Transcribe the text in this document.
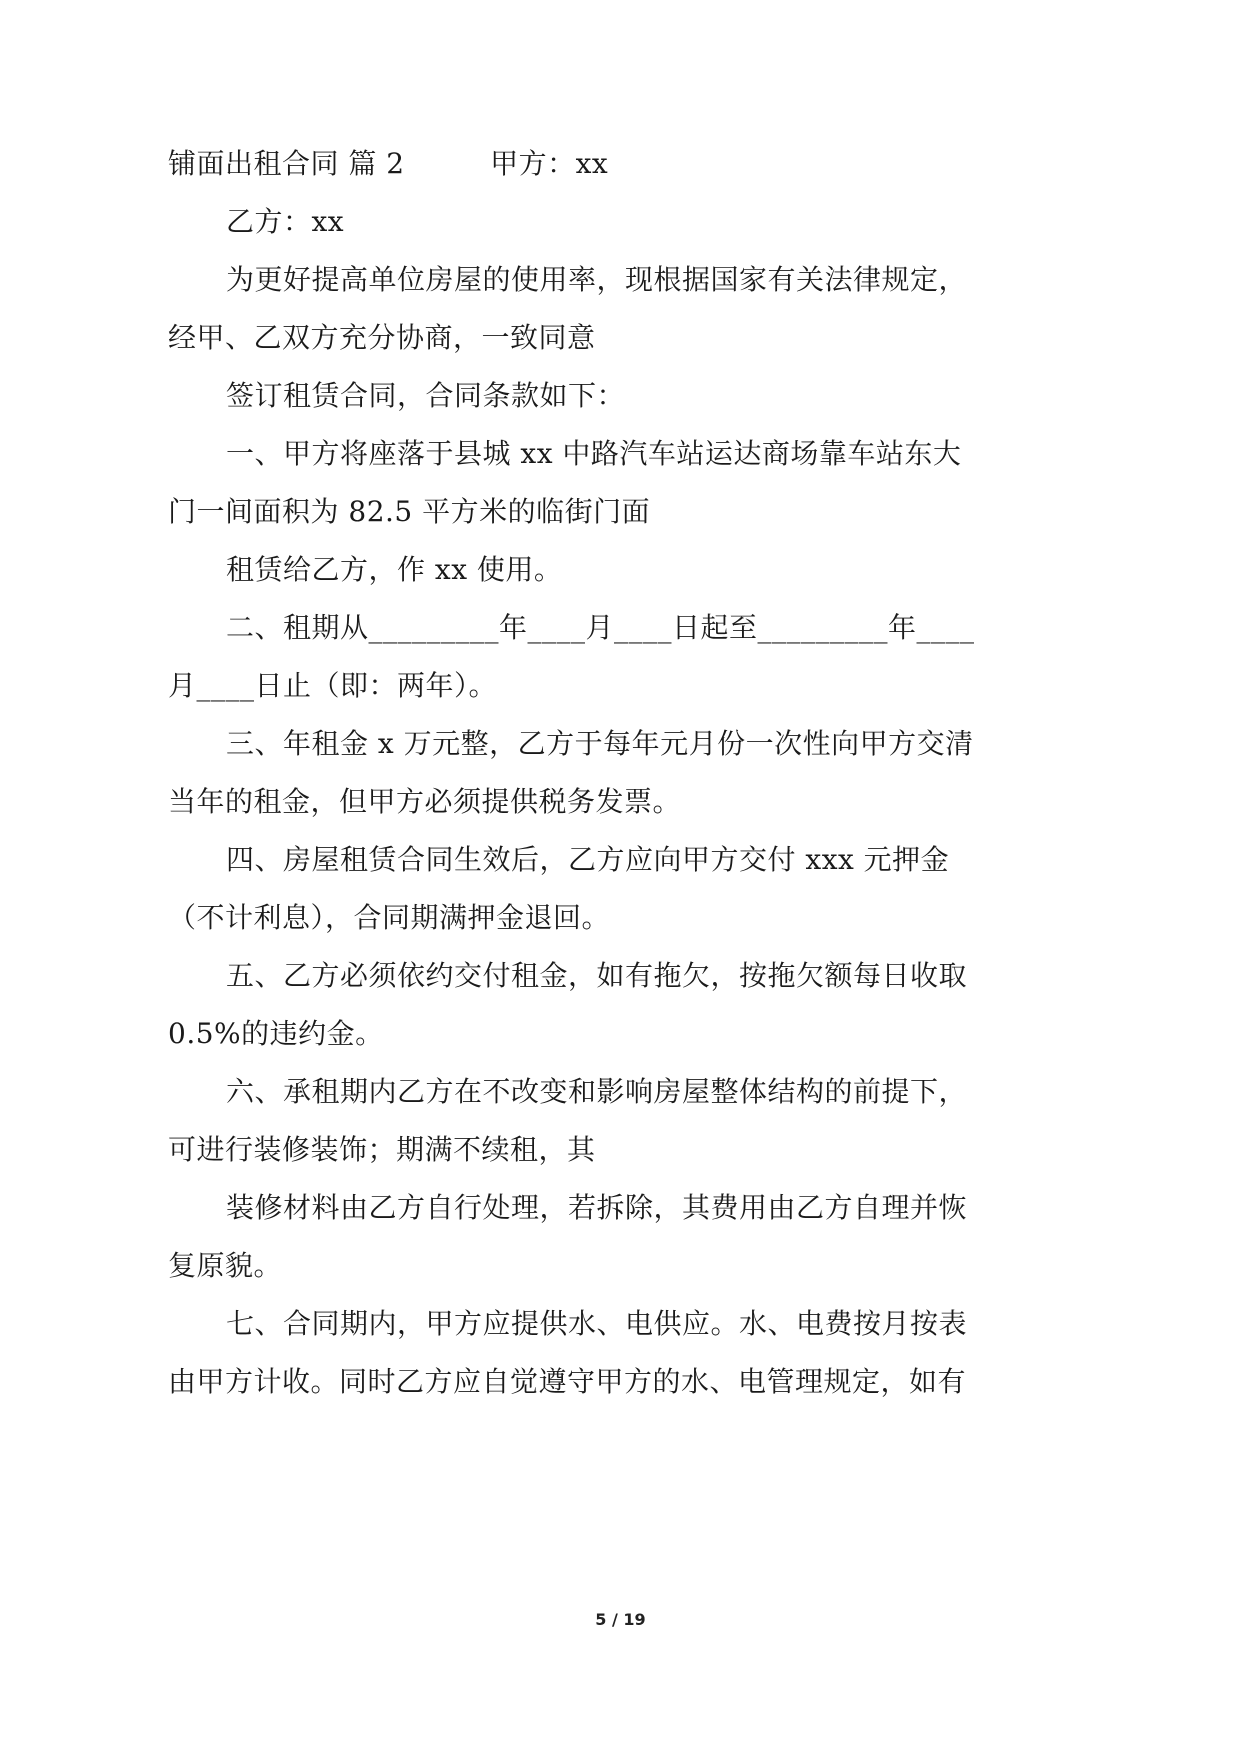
铺面出租合同 篇 2　　　甲方：xx
乙方：xx
为更好提高单位房屋的使用率，现根据国家有关法律规定，
经甲、乙双方充分协商，一致同意
签订租赁合同，合同条款如下：
一、甲方将座落于县城 xx 中路汽车站运达商场靠车站东大
门一间面积为 82.5 平方米的临街门面
租赁给乙方，作 xx 使用。
二、租期从_________年____月____日起至_________年____
月____日止（即：两年）。
三、年租金 x 万元整，乙方于每年元月份一次性向甲方交清
当年的租金，但甲方必须提供税务发票。
四、房屋租赁合同生效后，乙方应向甲方交付 xxx 元押金
（不计利息），合同期满押金退回。
五、乙方必须依约交付租金，如有拖欠，按拖欠额每日收取
0.5%的违约金。
六、承租期内乙方在不改变和影响房屋整体结构的前提下，
可进行装修装饰；期满不续租，其
装修材料由乙方自行处理，若拆除，其费用由乙方自理并恢
复原貌。
七、合同期内，甲方应提供水、电供应。水、电费按月按表
由甲方计收。同时乙方应自觉遵守甲方的水、电管理规定，如有
5 / 19
